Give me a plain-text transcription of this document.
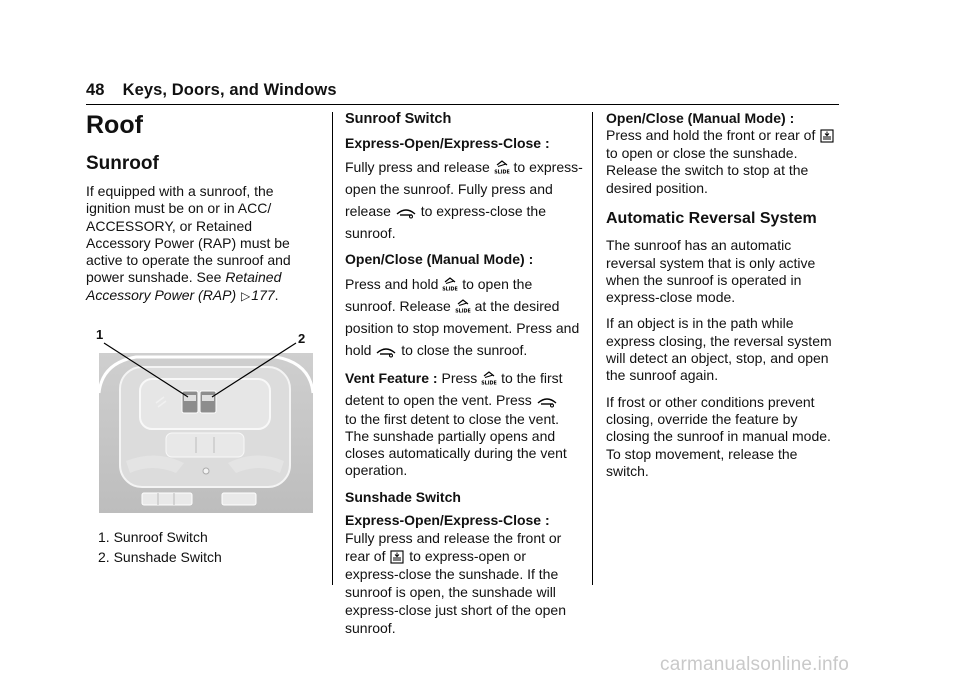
48 Keys, Doors, and Windows
Roof
Sunroof

If equipped with a sunroof, the ignition must be on or in ACC/ ACCESSORY, or Retained Accessory Power (RAP) must be active to operate the sunroof and power sunshade. See Retained Accessory Power (RAP) ▷177.

1	2

1. Sunroof Switch

2. Sunshade Switch

Sunroof Switch

Express-Open/Express-Close :

Fully press and release SLIDE to express-open the sunroof. Fully press and release to express-close the sunroof.

Open/Close (Manual Mode) :

Press and hold SLIDE to open the sunroof. Release SLIDE at the desired position to stop movement. Press and hold to close the sunroof.

Vent Feature : Press SLIDE to the first detent to open the vent. Press

to the first detent to close the vent. The sunshade partially opens and closes automatically during the vent operation.

Sunshade Switch

Express-Open/Express-Close :

Fully press and release the front or rear of to express-open or express-close the sunshade. If the sunroof is open, the sunshade will express-close just short of the open sunroof.

Open/Close (Manual Mode) :

Press and hold the front or rear of  to open or close the sunshade. Release the switch to stop at the desired position.

Automatic Reversal System

The sunroof has an automatic reversal system that is only active when the sunroof is operated in express-close mode.

If an object is in the path while express closing, the reversal system will detect an object, stop, and open the sunroof again.

If frost or other conditions prevent closing, override the feature by closing the sunroof in manual mode. To stop movement, release the switch.

carmanualsonline.info
